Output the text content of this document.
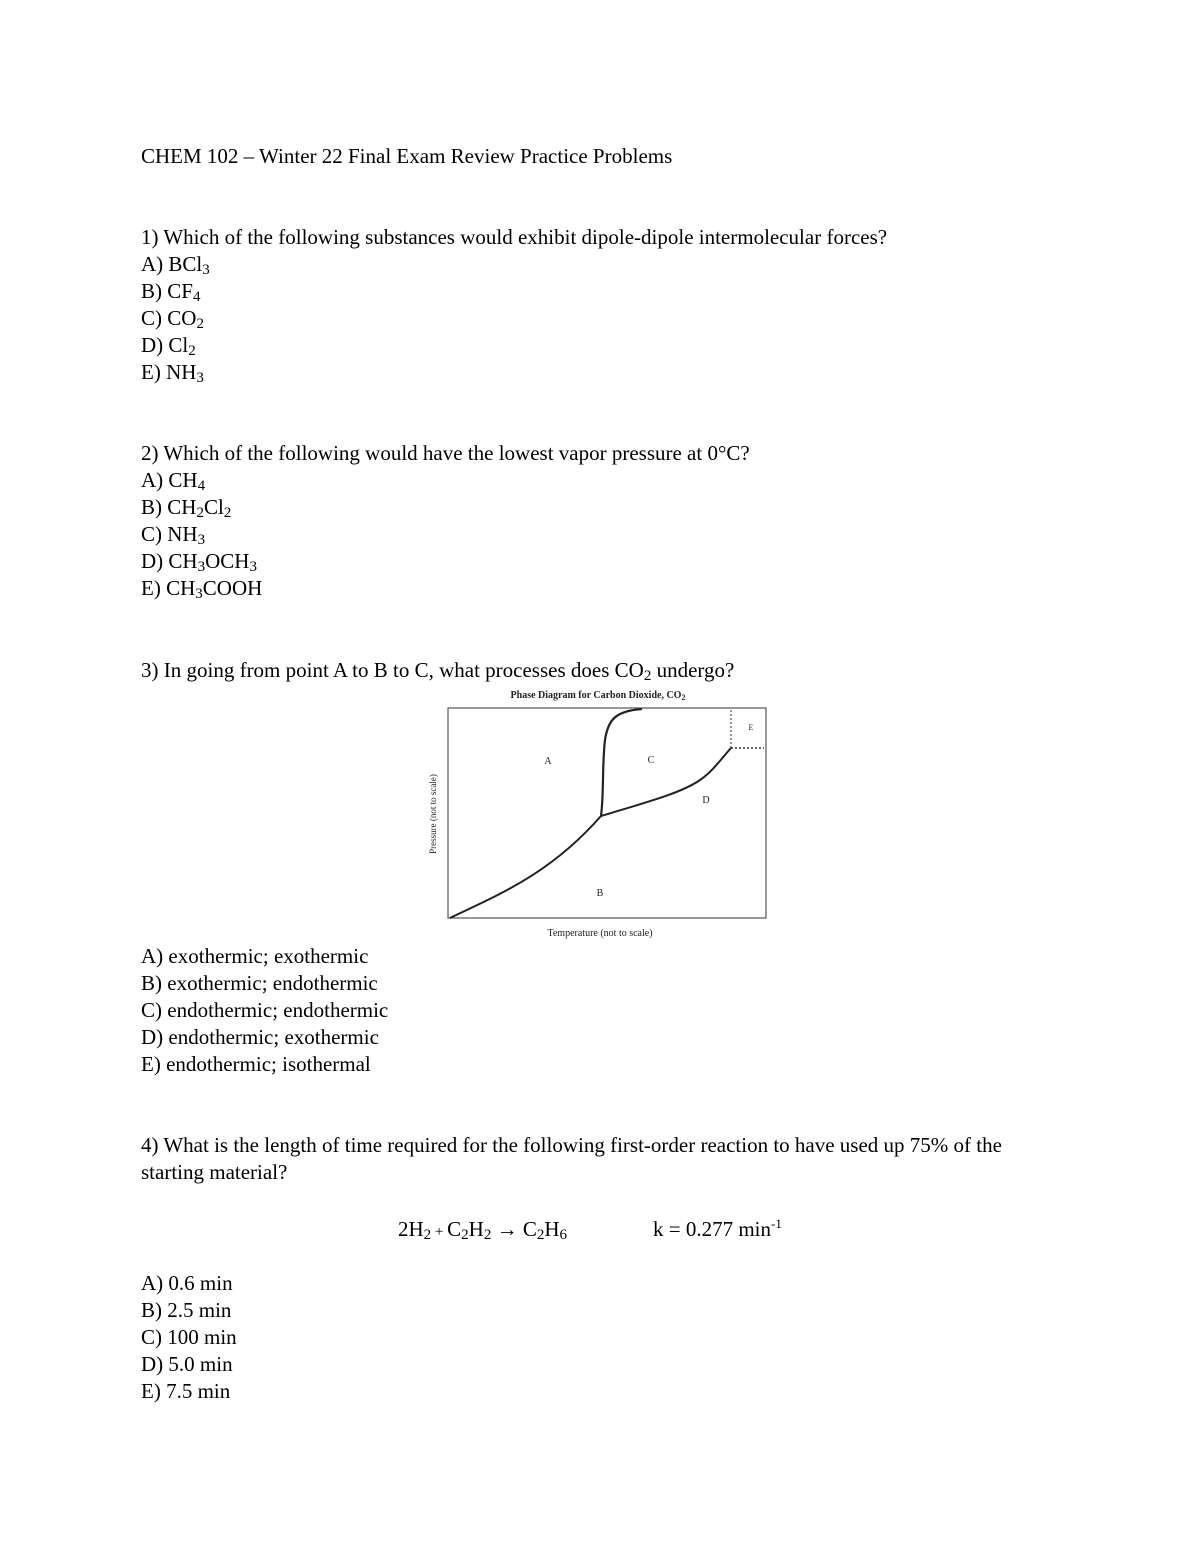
CHEM 102 – Winter 22 Final Exam Review Practice Problems
1) Which of the following substances would exhibit dipole-dipole intermolecular forces?
A) BCl$_3$
B) $CF_4$
C) $CO_2$
D) $Cl_2$
E) $NH_3$
2) Which of the following would have the lowest vapor pressure at 0°C?
A) $CH_4$
B) $CH_2Cl_2$
C) $NH_3$
D) $CH_3OCH_3$
E) $CH_3COOH$
3) In going from point A to B to C, what processes does $CO_2$ undergo?
Phase Diagram for Carbon Dioxide, $CO_2$
A	C
D
B
E
Temperature (not to scale)
Pressure (not to scale)
A) exothermic; exothermic
B) exothermic; endothermic
C) endothermic; endothermic
D) endothermic; exothermic
E) endothermic; isothermal
4) What is the length of time required for the following first-order reaction to have used up 75% of the starting material?
$2H_2 + C_2H_2 \to C_2H_6$	k = 0.277 $\min^{-1}$
A) 0.6 min
B) 2.5 min
C) 100 min
D) 5.0 min
E) 7.5 min
